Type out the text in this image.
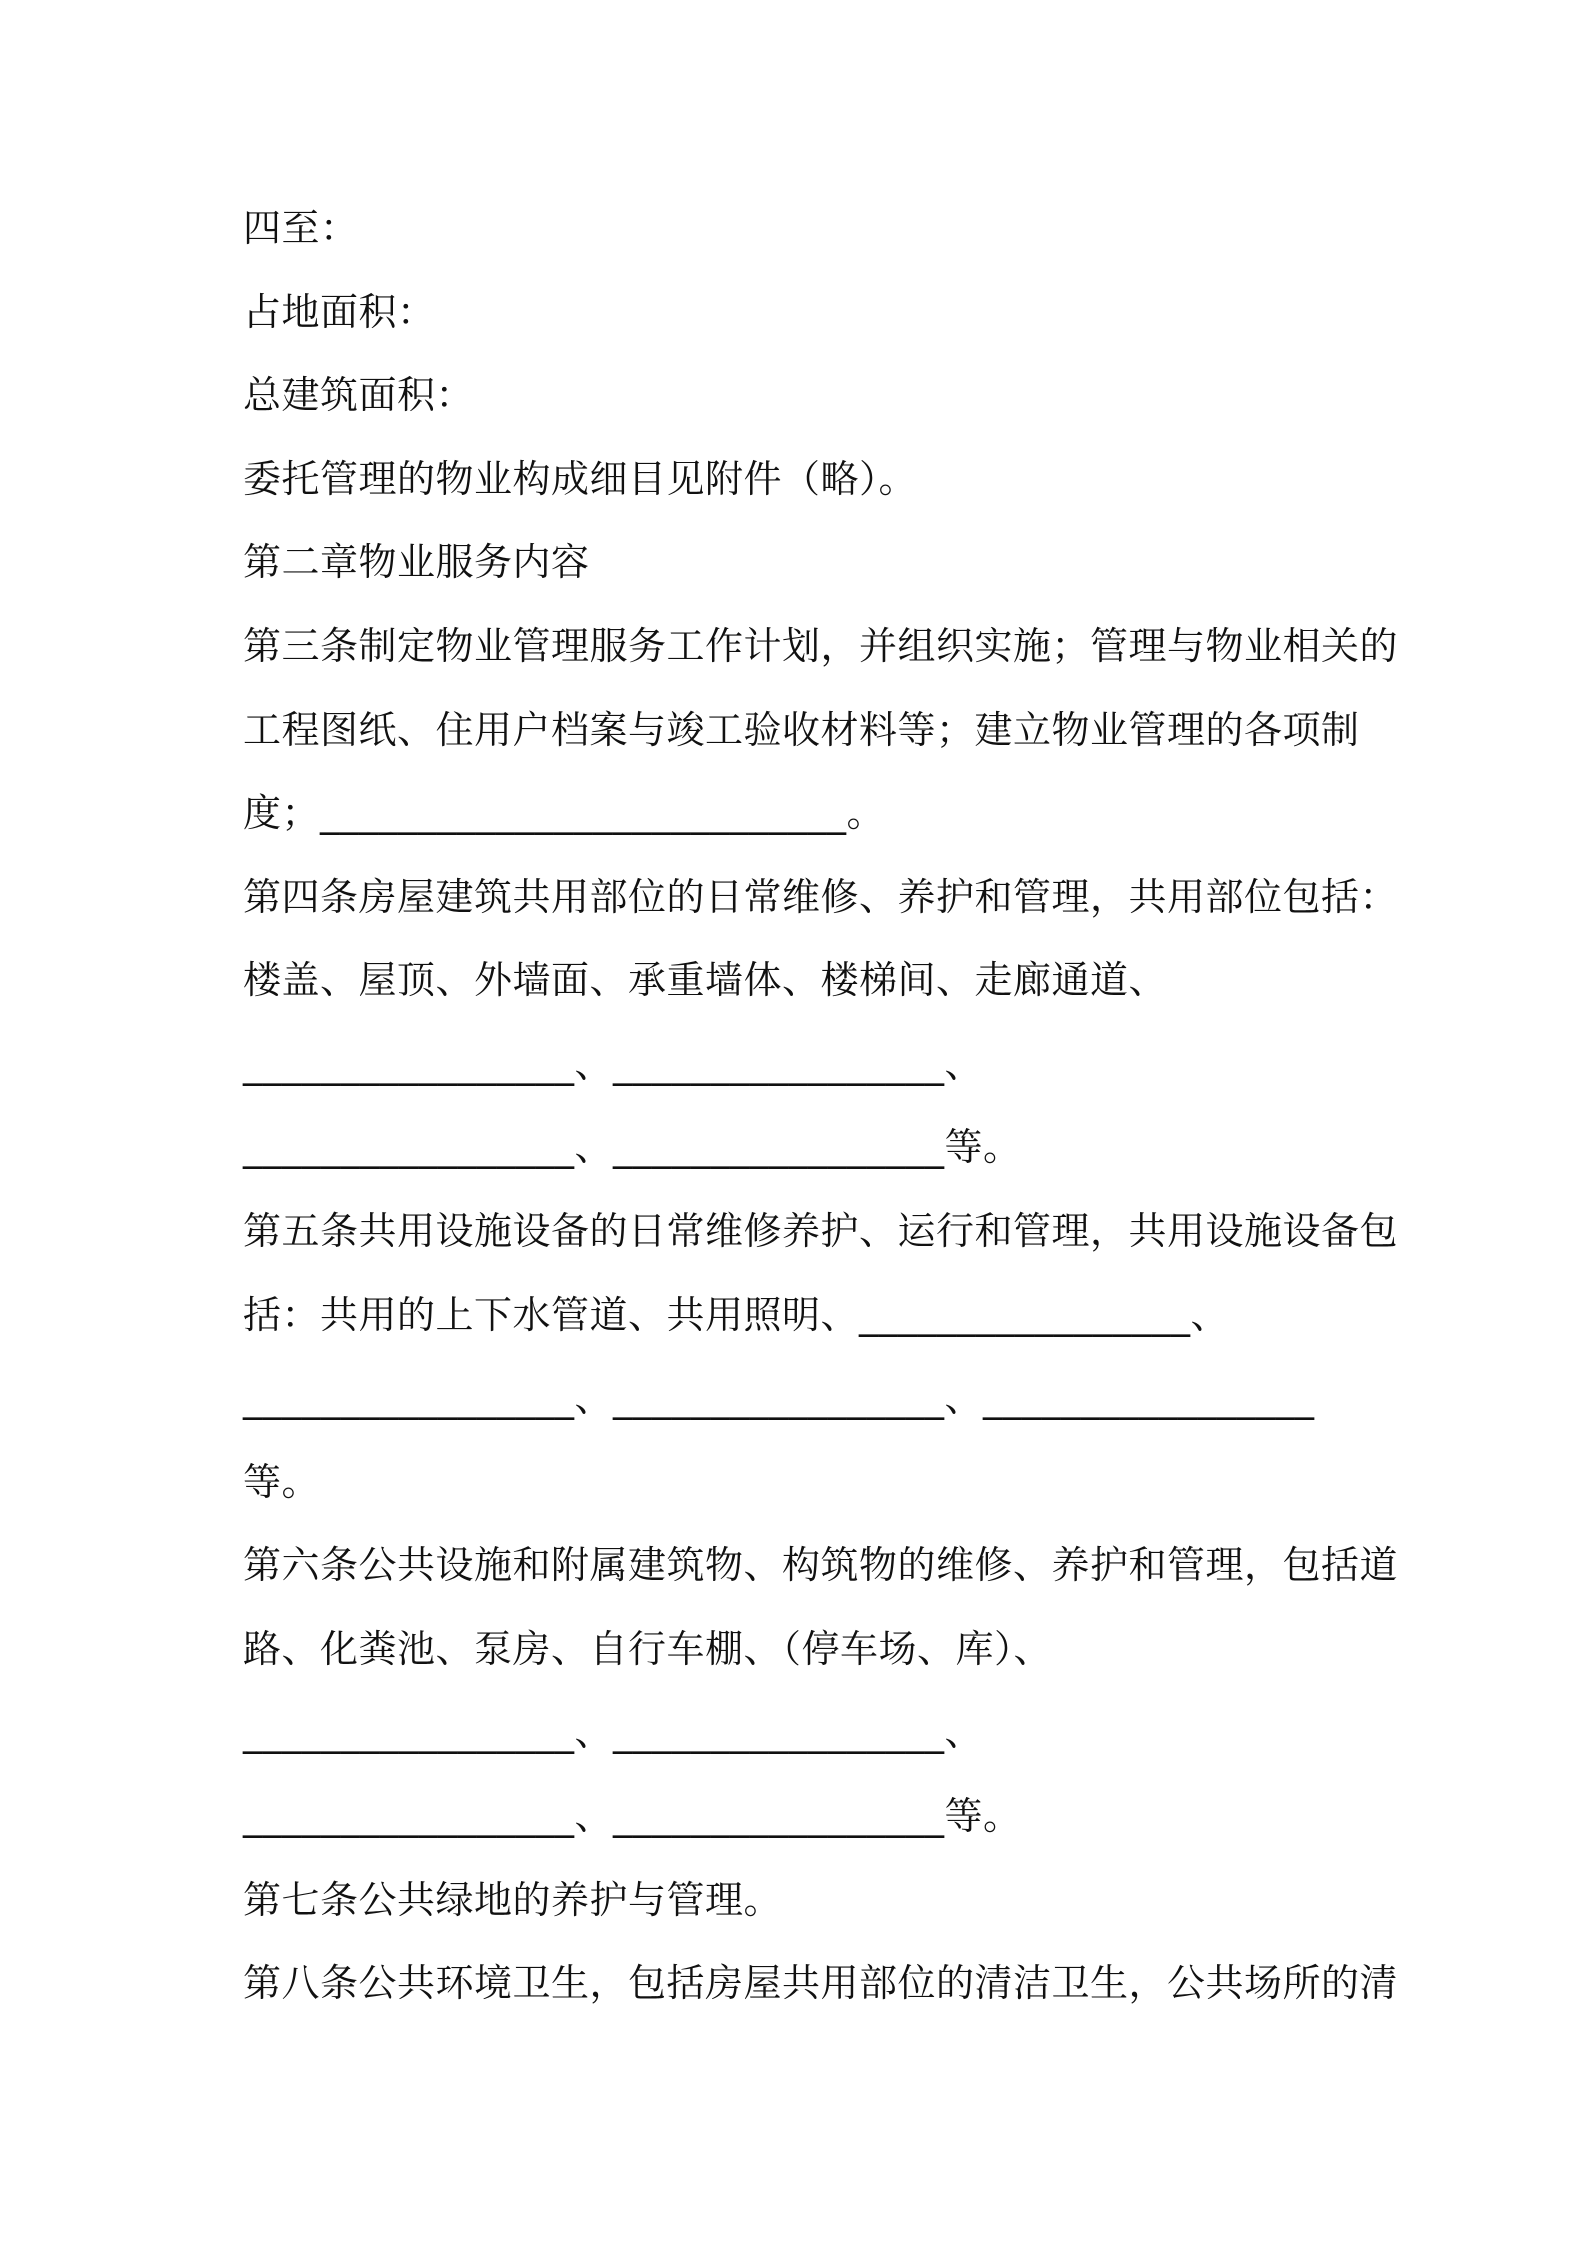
四至：
占地面积：
总建筑面积：
委托管理的物业构成细目见附件（略）。
第二章物业服务内容
第三条制定物业管理服务工作计划，并组织实施；管理与物业相关的
工程图纸、住用户档案与竣工验收材料等；建立物业管理的各项制
度；___________________________。
第四条房屋建筑共用部位的日常维修、养护和管理，共用部位包括：
楼盖、屋顶、外墙面、承重墙体、楼梯间、走廊通道、
_________________、_________________、
_________________、_________________等。
第五条共用设施设备的日常维修养护、运行和管理，共用设施设备包
括：共用的上下水管道、共用照明、_________________、
_________________、_________________、_________________
等。
第六条公共设施和附属建筑物、构筑物的维修、养护和管理，包括道
路、化粪池、泵房、自行车棚、（停车场、库）、
_________________、_________________、
_________________、_________________等。
第七条公共绿地的养护与管理。
第八条公共环境卫生，包括房屋共用部位的清洁卫生，公共场所的清
